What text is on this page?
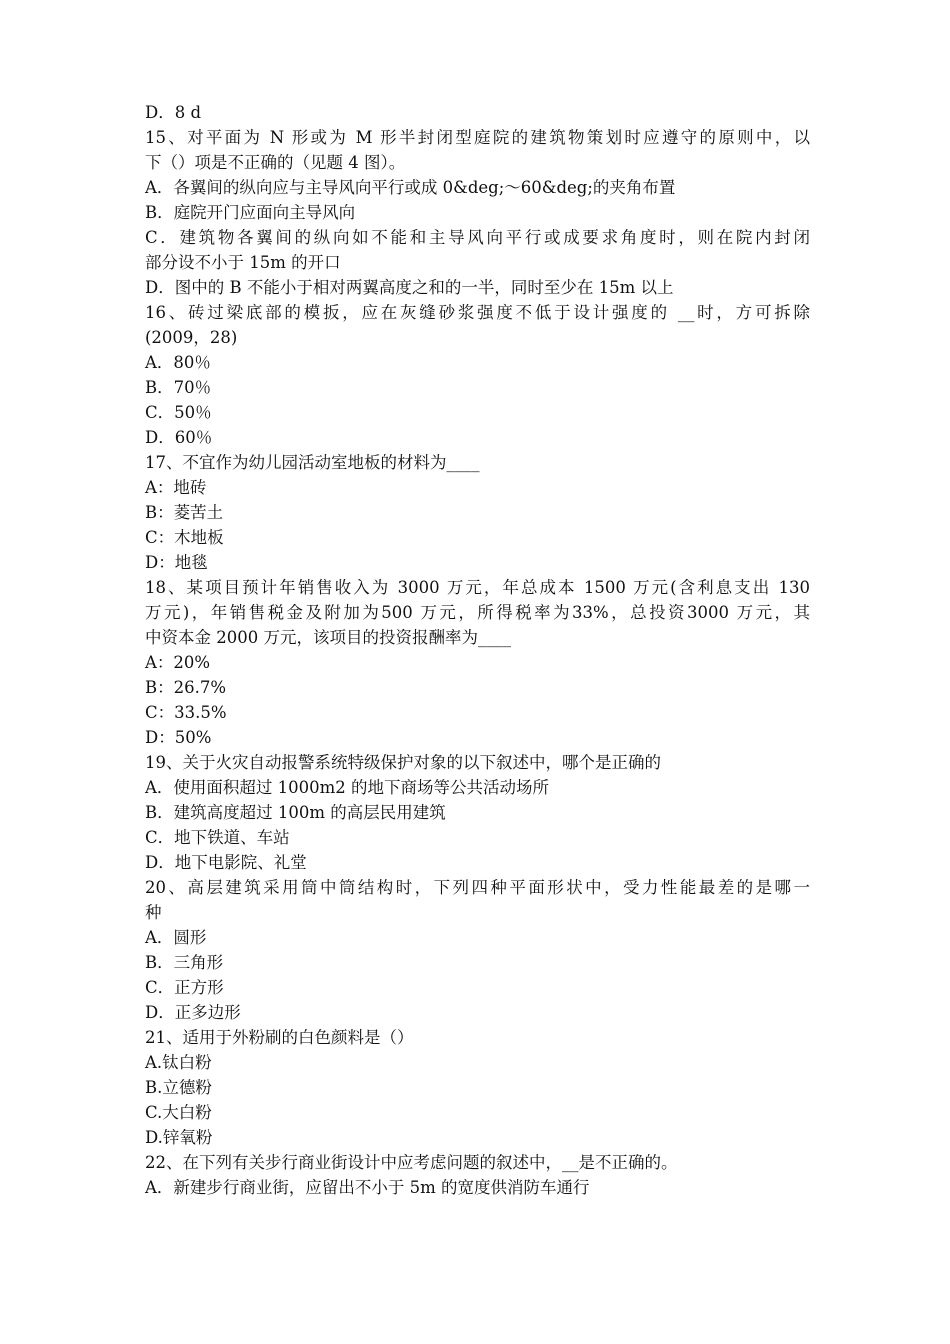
D．8 d
15、对平面为 N 形或为 M 形半封闭型庭院的建筑物策划时应遵守的原则中，以
下（）项是不正确的（见题 4 图）。
A．各翼间的纵向应与主导风向平行或成 0&deg;～60&deg;的夹角布置
B．庭院开门应面向主导风向
C．建筑物各翼间的纵向如不能和主导风向平行或成要求角度时，则在院内封闭
部分设不小于 15m 的开口
D．图中的 B 不能小于相对两翼高度之和的一半，同时至少在 15m 以上
16、砖过梁底部的模扳，应在灰缝砂浆强度不低于设计强度的 __时，方可拆除
(2009，28)
A．80％
B．70％
C．50％
D．60％
17、不宜作为幼儿园活动室地板的材料为____
A：地砖
B：菱苦土
C：木地板
D：地毯
18、某项目预计年销售收入为 3000 万元，年总成本 1500 万元(含利息支出 130
万元)，年销售税金及附加为500 万元，所得税率为33%，总投资3000 万元，其
中资本金 2000 万元，该项目的投资报酬率为____
A：20%
B：26.7%
C：33.5%
D：50%
19、关于火灾自动报警系统特级保护对象的以下叙述中，哪个是正确的
A．使用面积超过 1000m2 的地下商场等公共活动场所
B．建筑高度超过 100m 的高层民用建筑
C．地下铁道、车站
D．地下电影院、礼堂
20、高层建筑采用筒中筒结构时，下列四种平面形状中，受力性能最差的是哪一
种
A．圆形
B．三角形
C．正方形
D．正多边形
21、适用于外粉刷的白色颜料是（）
A.钛白粉
B.立德粉
C.大白粉
D.锌氧粉
22、在下列有关步行商业街设计中应考虑问题的叙述中，__是不正确的。
A．新建步行商业街，应留出不小于 5m 的宽度供消防车通行
